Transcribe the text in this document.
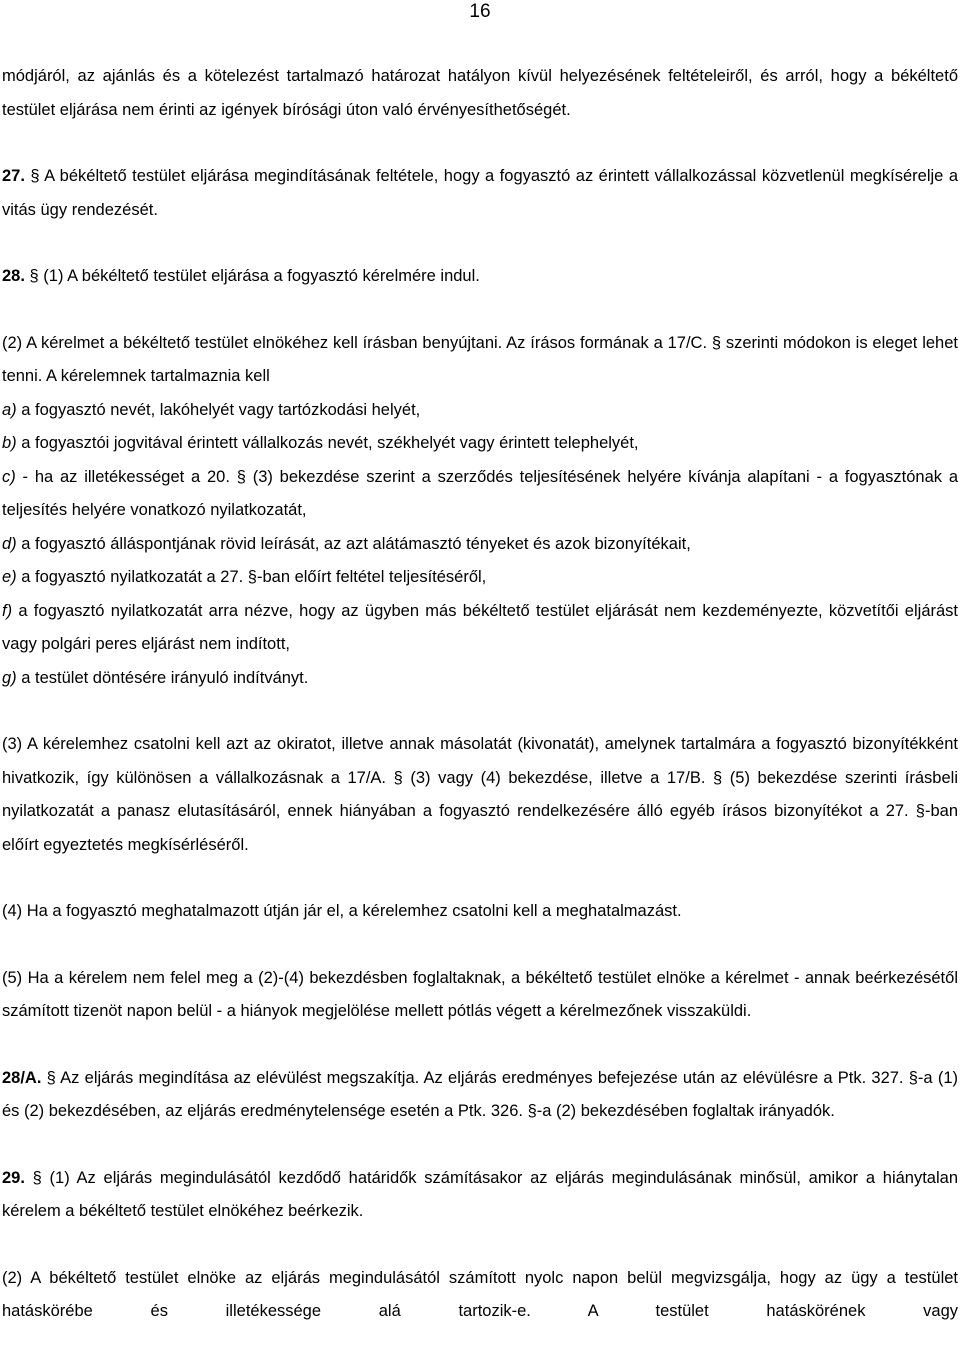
16

módjáról, az ajánlás és a kötelezést tartalmazó határozat hatályon kívül helyezésének feltételeiről, és arról, hogy a békéltető testület eljárása nem érinti az igények bírósági úton való érvényesíthetőségét.

27. § A békéltető testület eljárása megindításának feltétele, hogy a fogyasztó az érintett vállalkozással közvetlenül megkísérelje a vitás ügy rendezését.

28. § (1) A békéltető testület eljárása a fogyasztó kérelmére indul.

(2) A kérelmet a békéltető testület elnökéhez kell írásban benyújtani. Az írásos formának a 17/C. § szerinti módokon is eleget lehet tenni. A kérelemnek tartalmaznia kell

a) a fogyasztó nevét, lakóhelyét vagy tartózkodási helyét,

b) a fogyasztói jogvitával érintett vállalkozás nevét, székhelyét vagy érintett telephelyét,

c) - ha az illetékességet a 20. § (3) bekezdése szerint a szerződés teljesítésének helyére kívánja alapítani - a fogyasztónak a teljesítés helyére vonatkozó nyilatkozatát,

d) a fogyasztó álláspontjának rövid leírását, az azt alátámasztó tényeket és azok bizonyítékait,

e) a fogyasztó nyilatkozatát a 27. §-ban előírt feltétel teljesítéséről,

f) a fogyasztó nyilatkozatát arra nézve, hogy az ügyben más békéltető testület eljárását nem kezdeményezte, közvetítői eljárást vagy polgári peres eljárást nem indított,

g) a testület döntésére irányuló indítványt.

(3) A kérelemhez csatolni kell azt az okiratot, illetve annak másolatát (kivonatát), amelynek tartalmára a fogyasztó bizonyítékként hivatkozik, így különösen a vállalkozásnak a 17/A. § (3) vagy (4) bekezdése, illetve a 17/B. § (5) bekezdése szerinti írásbeli nyilatkozatát a panasz elutasításáról, ennek hiányában a fogyasztó rendelkezésére álló egyéb írásos bizonyítékot a 27. §-ban előírt egyeztetés megkísérléséről.

(4) Ha a fogyasztó meghatalmazott útján jár el, a kérelemhez csatolni kell a meghatalmazást.

(5) Ha a kérelem nem felel meg a (2)-(4) bekezdésben foglaltaknak, a békéltető testület elnöke a kérelmet - annak beérkezésétől számított tizenöt napon belül - a hiányok megjelölése mellett pótlás végett a kérelmezőnek visszaküldi.

28/A. § Az eljárás megindítása az elévülést megszakítja. Az eljárás eredményes befejezése után az elévülésre a Ptk. 327. §-a (1) és (2) bekezdésében, az eljárás eredménytelensége esetén a Ptk. 326. §-a (2) bekezdésében foglaltak irányadók.

29. § (1) Az eljárás megindulásától kezdődő határidők számításakor az eljárás megindulásának minősül, amikor a hiánytalan kérelem a békéltető testület elnökéhez beérkezik.

(2) A békéltető testület elnöke az eljárás megindulásától számított nyolc napon belül megvizsgálja, hogy az ügy a testület hatáskörébe és illetékessége alá tartozik-e. A testület hatáskörének vagy
